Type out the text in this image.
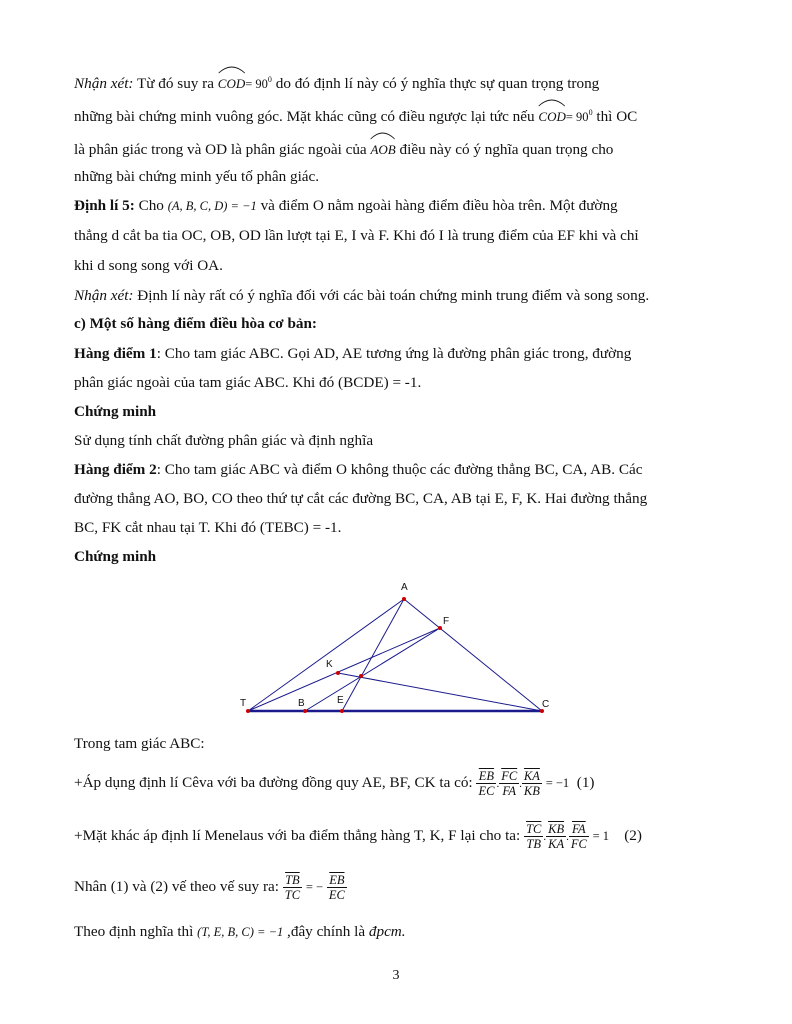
Nhận xét: Từ đó suy ra $COD= 90^0$ do đó định lí này có ý nghĩa thực sự quan trọng trong
những bài chứng minh vuông góc. Mặt khác cũng có điều ngược lại tức nếu $COD= 90^0$ thì OC
là phân giác trong và OD là phân giác ngoài của AOB điều này có ý nghĩa quan trọng cho
những bài chứng minh yếu tố phân giác.
Định lí 5: Cho (A, B, C, D) = −1 và điểm O nằm ngoài hàng điểm điều hòa trên. Một đường
thẳng d cắt ba tia OC, OB, OD lần lượt tại E, I và F. Khi đó I là trung điểm của EF khi và chỉ
khi d song song với OA.
Nhận xét: Định lí này rất có ý nghĩa đối với các bài toán chứng minh trung điểm và song song.
c) Một số hàng điểm điều hòa cơ bản:
Hàng điểm 1: Cho tam giác ABC. Gọi AD, AE tương ứng là đường phân giác trong, đường
phân giác ngoài của tam giác ABC. Khi đó (BCDE) = -1.
Chứng minh
Sử dụng tính chất đường phân giác và định nghĩa
Hàng điểm 2: Cho tam giác ABC và điểm O không thuộc các đường thẳng BC, CA, AB. Các
đường thẳng AO, BO, CO theo thứ tự cắt các đường BC, CA, AB tại E, F, K. Hai đường thẳng
BC, FK cắt nhau tại T. Khi đó (TEBC) = -1.
Chứng minh
A
F
K
T	B	E	C
Trong tam giác ABC:
+Áp dụng định lí Cêva với ba đường đồng quy AE, BF, CK ta có: $\frac{\overline{EB}}{EC}$ . $\frac{\overline{FC}}{FA}$ . $\frac{\overline{KA}}{KB} = -1$ (1)
+Mặt khác áp định lí Menelaus với ba điểm thẳng hàng T, K, F lại cho ta: $\frac{\overline{TC}}{TB}$ . $\frac{\overline{KB}}{KA}$ . $\frac{\overline{FA}}{FC} = 1$ (2)
Nhân (1) và (2) vế theo vế suy ra: $\frac{\overline{TB}}{TC}$ = − $\frac{\overline{EB}}{EC}$
Theo định nghĩa thì (T, E, B, C) = −1 ,đây chính là đpcm.
3
